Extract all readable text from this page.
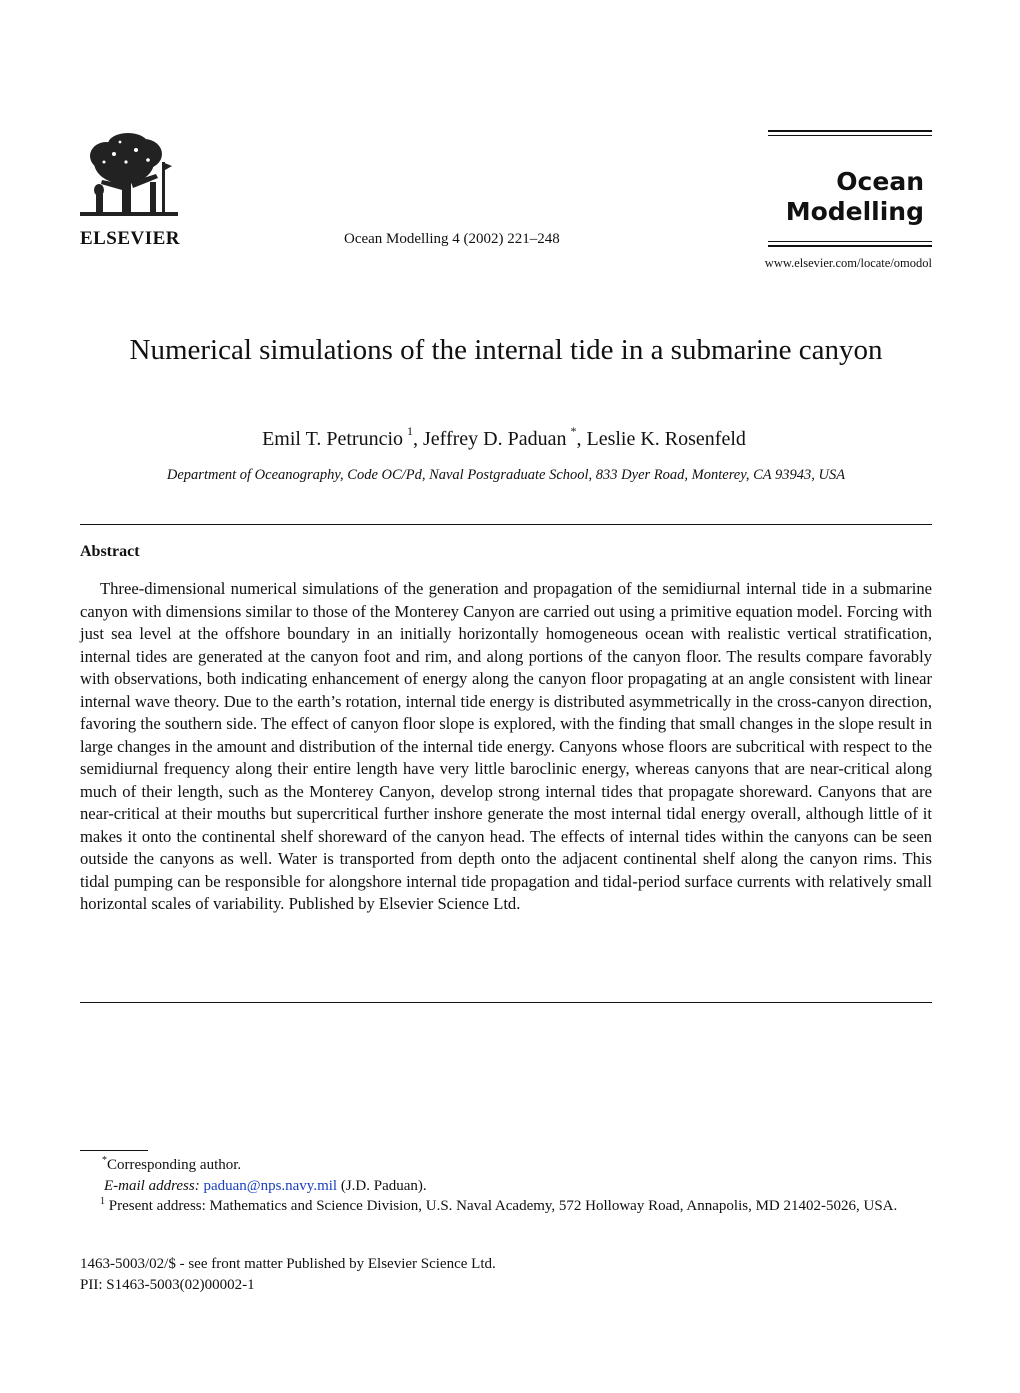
ELSEVIER	Ocean Modelling 4 (2002) 221–248
Ocean
Modelling
www.elsevier.com/locate/omodol
Numerical simulations of the internal tide in a submarine canyon
Emil T. Petruncio $^1$, Jeffrey D. Paduan *, Leslie K. Rosenfeld
Department of Oceanography, Code OC/Pd, Naval Postgraduate School, 833 Dyer Road, Monterey, CA 93943, USA
Abstract
Three-dimensional numerical simulations of the generation and propagation of the semidiurnal internal tide in a submarine canyon with dimensions similar to those of the Monterey Canyon are carried out using a primitive equation model. Forcing with just sea level at the offshore boundary in an initially horizontally homogeneous ocean with realistic vertical stratification, internal tides are generated at the canyon foot and rim, and along portions of the canyon floor. The results compare favorably with observations, both indicating enhancement of energy along the canyon floor propagating at an angle consistent with linear internal wave theory. Due to the earth’s rotation, internal tide energy is distributed asymmetrically in the cross-canyon direction, favoring the southern side. The effect of canyon floor slope is explored, with the finding that small changes in the slope result in large changes in the amount and distribution of the internal tide energy. Canyons whose floors are subcritical with respect to the semidiurnal frequency along their entire length have very little baroclinic energy, whereas canyons that are near-critical along much of their length, such as the Monterey Canyon, develop strong internal tides that propagate shoreward. Canyons that are near-critical at their mouths but supercritical further inshore generate the most internal tidal energy overall, although little of it makes it onto the continental shelf shoreward of the canyon head. The effects of internal tides within the canyons can be seen outside the canyons as well. Water is transported from depth onto the adjacent continental shelf along the canyon rims. This tidal pumping can be responsible for alongshore internal tide propagation and tidal-period surface currents with relatively small horizontal scales of variability. Published by Elsevier Science Ltd.
*Corresponding author.
E-mail address: paduan@nps.navy.mil (J.D. Paduan).
$^1$ Present address: Mathematics and Science Division, U.S. Naval Academy, 572 Holloway Road, Annapolis, MD 21402-5026, USA.
1463-5003/02/$ - see front matter Published by Elsevier Science Ltd.
PII: S1463-5003(02)00002-1
